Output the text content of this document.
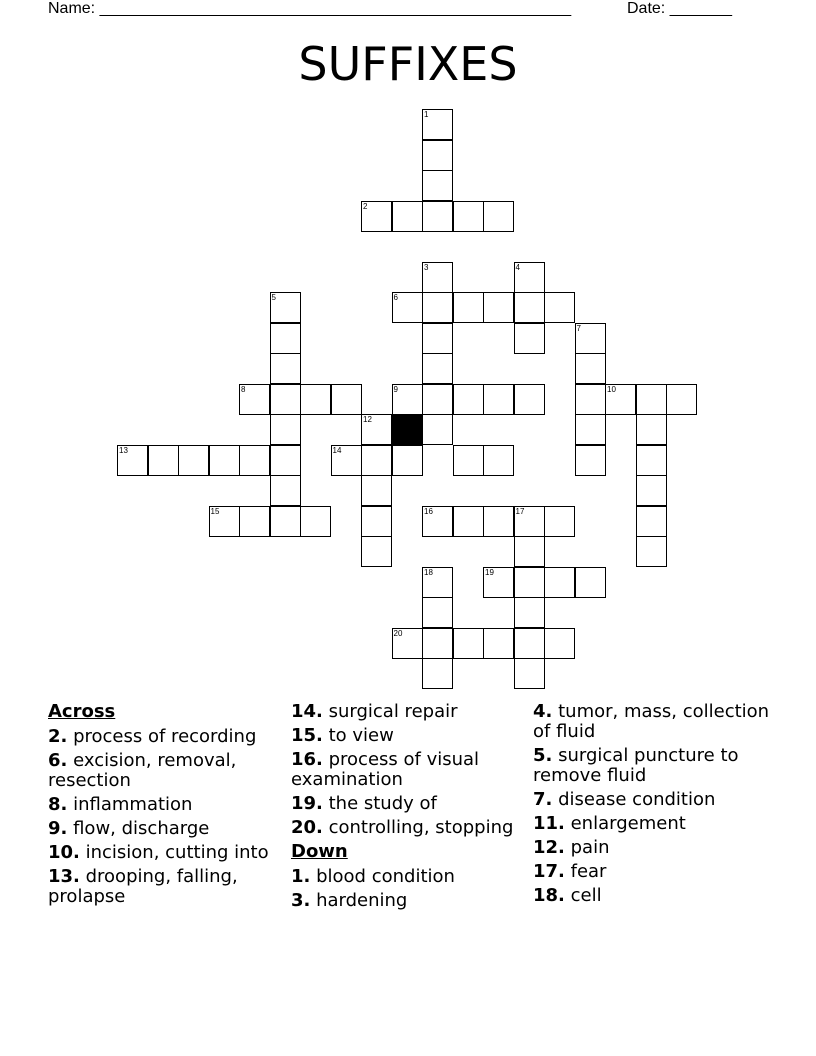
Name: _____________________________________________________	Date: _______
SUFFIXES
1
2
3	4
6
5
7
8	9	10
12
13	14
15	16	17
18	19
20
Across
2. process of recording
6. excision, removal, resection
8. inflammation
9. flow, discharge
10. incision, cutting into
13. drooping, falling, prolapse
14. surgical repair
15. to view
16. process of visual examination
19. the study of
20. controlling, stopping
Down
1. blood condition
3. hardening
4. tumor, mass, collection of fluid
5. surgical puncture to remove fluid
7. disease condition
11. enlargement
12. pain
17. fear
18. cell
